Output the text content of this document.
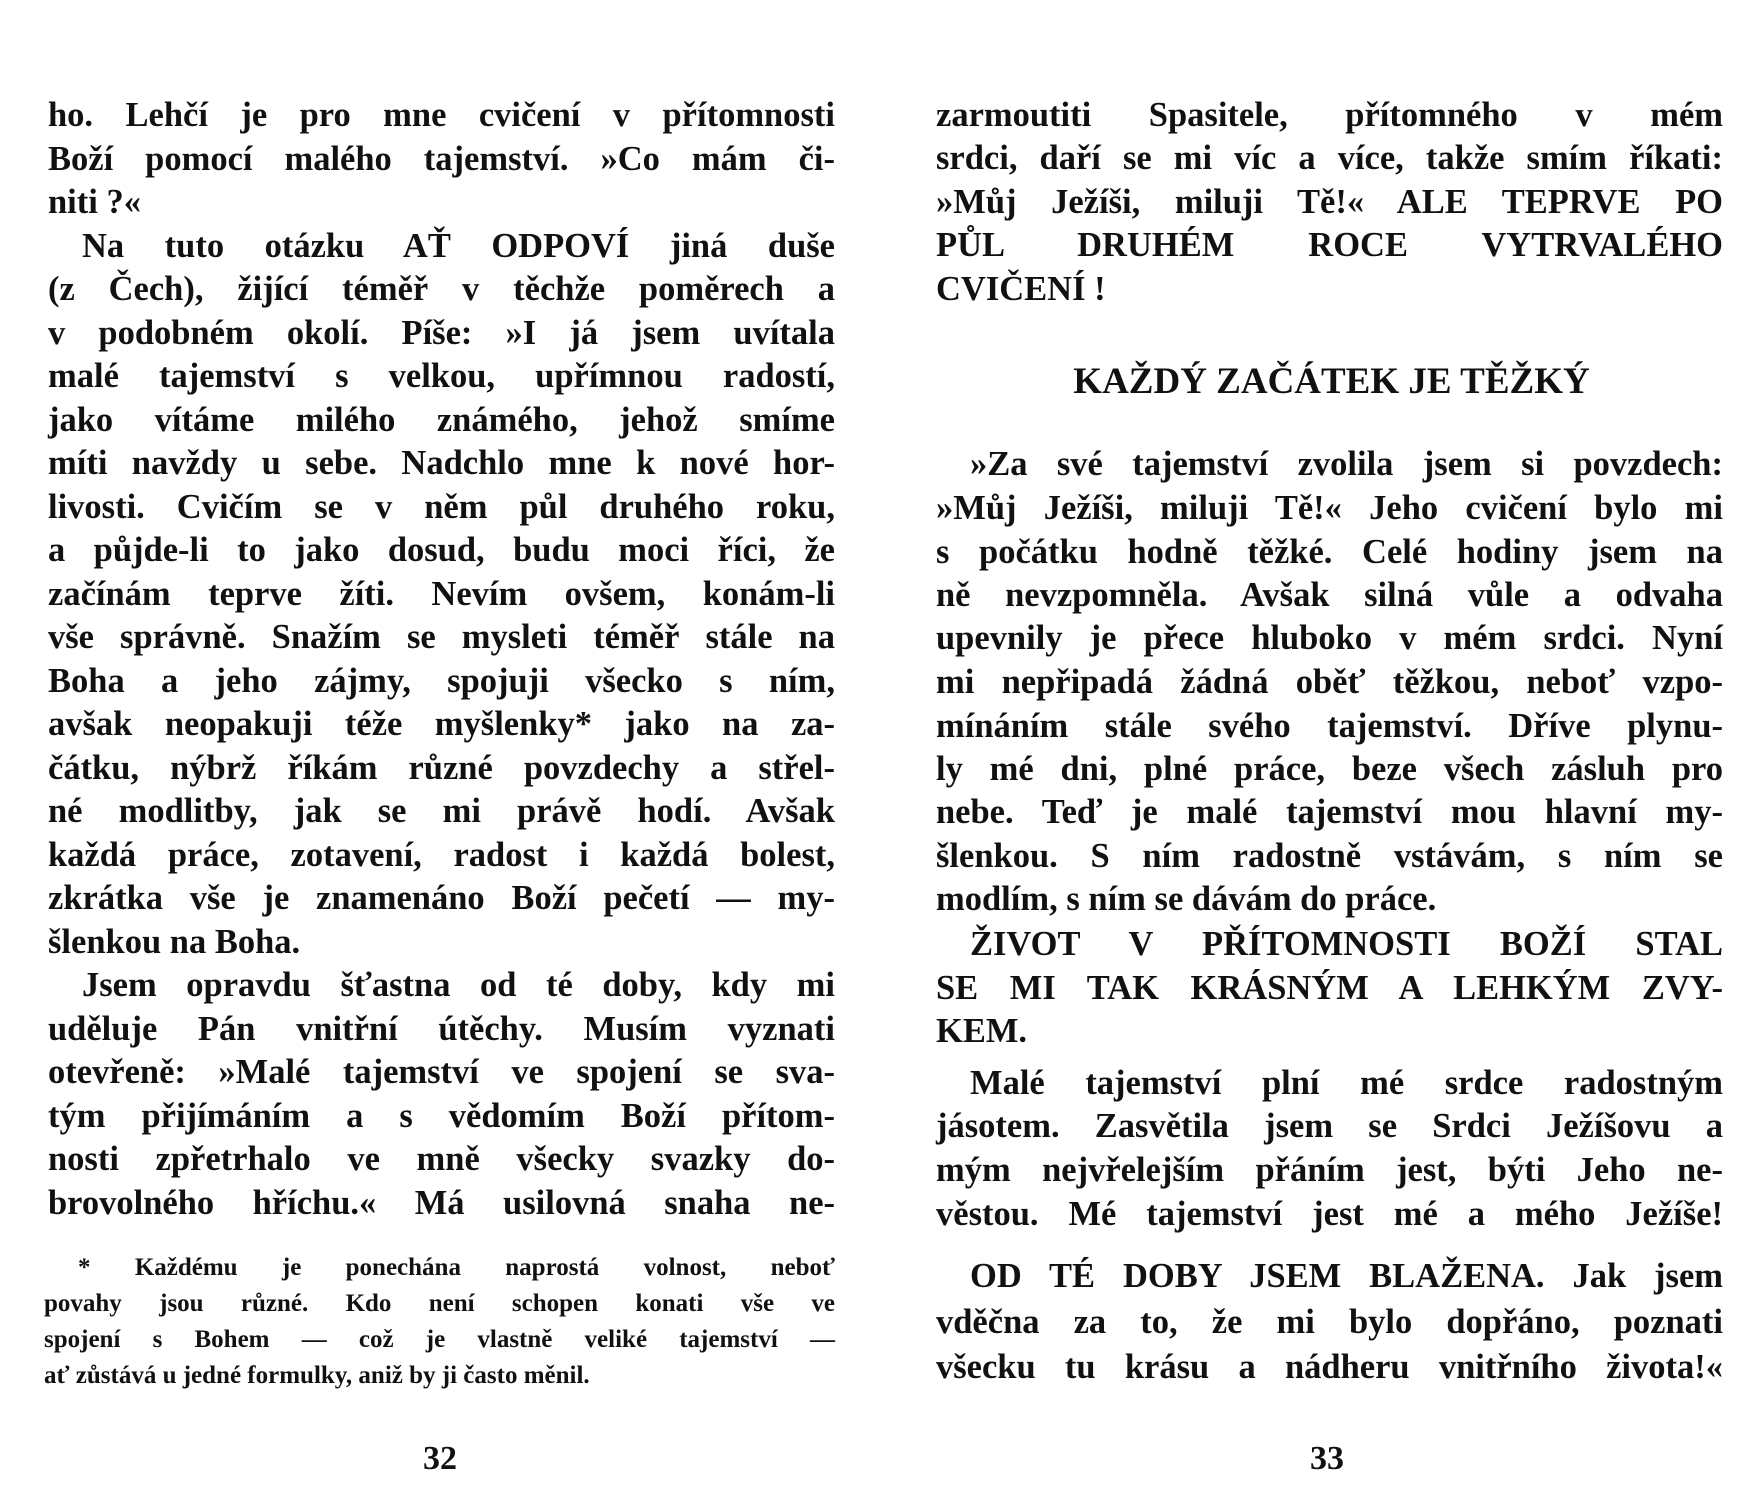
ho. Lehčí je pro mne cvičení v přítomnosti
Boží pomocí malého tajemství. »Co mám či-
niti ?«
Na tuto otázku AŤ ODPOVÍ jiná duše
(z Čech), žijící téměř v těchže poměrech a
v podobném okolí. Píše: »I já jsem uvítala
malé tajemství s velkou, upřímnou radostí,
jako vítáme milého známého, jehož smíme
míti navždy u sebe. Nadchlo mne k nové hor-
livosti. Cvičím se v něm půl druhého roku,
a půjde-li to jako dosud, budu moci říci, že
začínám teprve žíti. Nevím ovšem, konám-li
vše správně. Snažím se mysleti téměř stále na
Boha a jeho zájmy, spojuji všecko s ním,
avšak neopakuji téže myšlenky* jako na za-
čátku, nýbrž říkám různé povzdechy a střel-
né modlitby, jak se mi právě hodí. Avšak
každá práce, zotavení, radost i každá bolest,
zkrátka vše je znamenáno Boží pečetí — my-
šlenkou na Boha.
Jsem opravdu šťastna od té doby, kdy mi
uděluje Pán vnitřní útěchy. Musím vyznati
otevřeně: »Malé tajemství ve spojení se sva-
tým přijímáním a s vědomím Boží přítom-
nosti zpřetrhalo ve mně všecky svazky do-
brovolného hříchu.« Má usilovná snaha ne-
* Každému je ponechána naprostá volnost, neboť
povahy jsou různé. Kdo není schopen konati vše ve
spojení s Bohem — což je vlastně veliké tajemství —
ať zůstává u jedné formulky, aniž by ji často měnil.
32
zarmoutiti Spasitele, přítomného v mém
srdci, daří se mi víc a více, takže smím říkati:
»Můj Ježíši, miluji Tě!« ALE TEPRVE PO
PŮL DRUHÉM ROCE VYTRVALÉHO
CVIČENÍ !
»Za své tajemství zvolila jsem si povzdech:
»Můj Ježíši, miluji Tě!« Jeho cvičení bylo mi
s počátku hodně těžké. Celé hodiny jsem na
ně nevzpomněla. Avšak silná vůle a odvaha
upevnily je přece hluboko v mém srdci. Nyní
mi nepřipadá žádná oběť těžkou, neboť vzpo-
mínáním stále svého tajemství. Dříve plynu-
ly mé dni, plné práce, beze všech zásluh pro
nebe. Teď je malé tajemství mou hlavní my-
šlenkou. S ním radostně vstávám, s ním se
modlím, s ním se dávám do práce.
ŽIVOT V PŘÍTOMNOSTI BOŽÍ STAL
SE MI TAK KRÁSNÝM A LEHKÝM ZVY-
KEM.
Malé tajemství plní mé srdce radostným
jásotem. Zasvětila jsem se Srdci Ježíšovu a
mým nejvřelejším přáním jest, býti Jeho ne-
věstou. Mé tajemství jest mé a mého Ježíše!
OD TÉ DOBY JSEM BLAŽENA. Jak jsem
vděčna za to, že mi bylo dopřáno, poznati
všecku tu krásu a nádheru vnitřního života!«
KAŽDÝ ZAČÁTEK JE TĚŽKÝ
33
